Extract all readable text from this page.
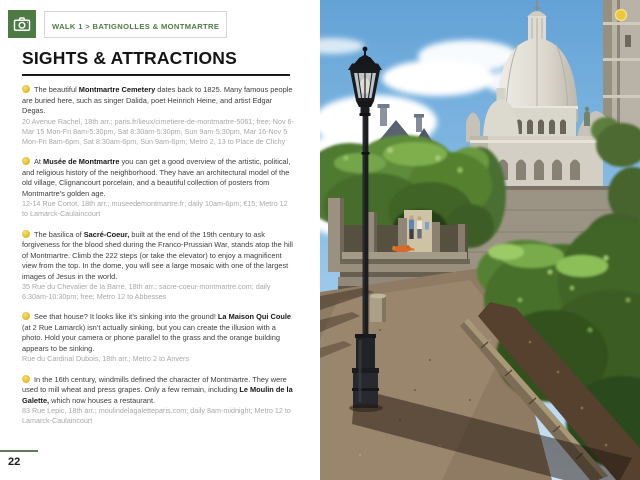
WALK 1 > BATIGNOLLES & MONTMARTRE
SIGHTS & ATTRACTIONS

The beautiful Montmartre Cemetery dates back to 1825. Many famous people are buried here, such as singer Dalida, poet Heinrich Heine, and artist Edgar Degas.

20 Avenue Rachel, 18th arr.; paris.fr/lieux/cimetiere-de-montmartre-5061; free; Nov 6-Mar 15 Mon-Fri 8am-5:30pm, Sat 8:30am-5:30pm, Sun 9am-5:30pm, Mar 16-Nov 5 Mon-Fri 8am-6pm, Sat 8:30am-6pm, Sun 9am-6pm; Metro 2, 13 to Place de Clichy

At Musée de Montmartre you can get a good overview of the artistic, political, and religious history of the neighborhood. They have an architectural model of the old village, Clignancourt porcelain, and a beautiful collection of posters from Montmartre’s golden age.

12-14 Rue Cortot, 18th arr.; museedemontmartre.fr; daily 10am-6pm; €15; Metro 12 to Lamarck-Caulaincourt

The basilica of Sacré-Coeur, built at the end of the 19th century to ask forgiveness for the blood shed during the Franco-Prussian War, stands atop the hill of Montmartre. Climb the 222 steps (or take the elevator) to enjoy a magnificent view from the top. In the dome, you will see a large mosaic with one of the largest images of Jesus in the world.

35 Rue du Chevalier de la Barre, 18th arr.; sacre-coeur-montmartre.com; daily 6:30am-10:30pm; free; Metro 12 to Abbesses

See that house? It looks like it’s sinking into the ground! La Maison Qui Coule (at 2 Rue Lamarck) isn’t actually sinking, but you can create the illusion with a photo. Hold your camera or phone parallel to the grass and the orange building appears to be sinking.

Rue du Cardinal Dubois, 18th arr.; Metro 2 to Anvers

In the 16th century, windmills defined the character of Montmartre. They were used to mill wheat and press grapes. Only a few remain, including Le Moulin de la Galette, which now houses a restaurant.

83 Rue Lepic, 18th arr.; moulindelagaletteparis.com; daily 8am-midnight; Metro 12 to Lamarck-Caulaincourt

22
